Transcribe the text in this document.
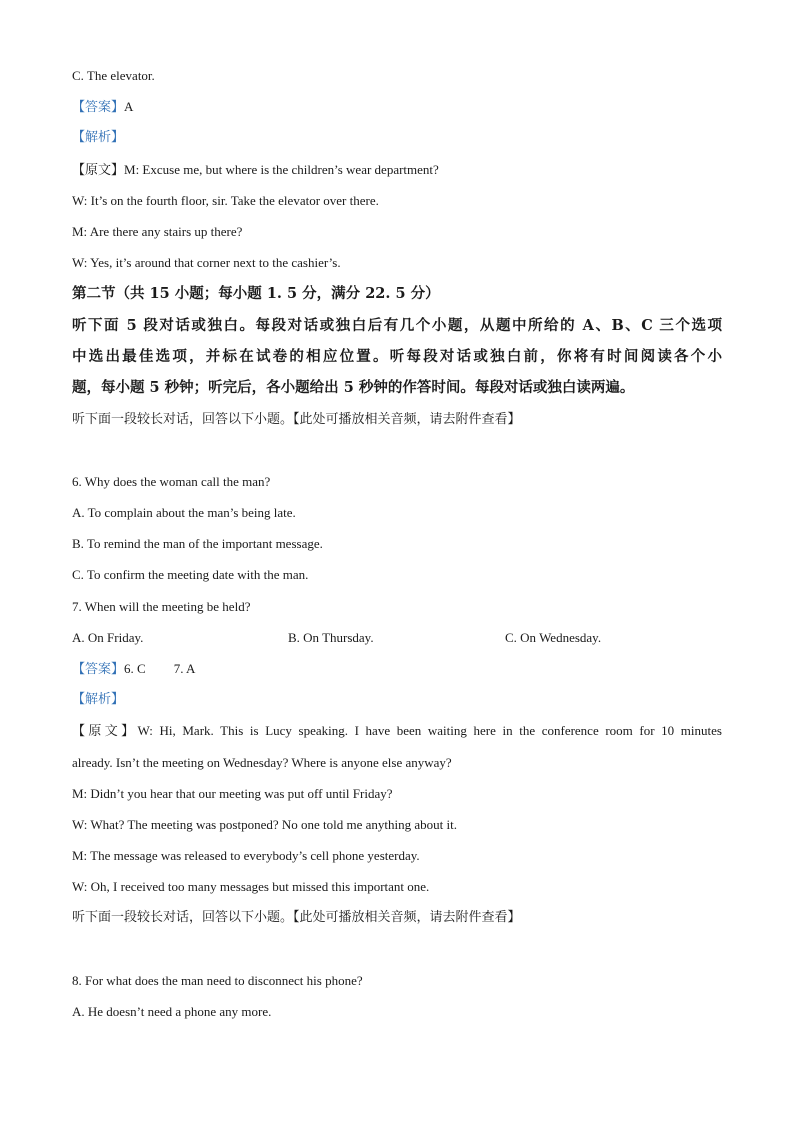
C. The elevator.
【答案】A
【解析】
【原文】M: Excuse me, but where is the children’s wear department?
W: It’s on the fourth floor, sir. Take the elevator over there.
M: Are there any stairs up there?
W: Yes, it’s around that corner next to the cashier’s.
第二节（共 15 小题；每小题 1. 5 分，满分 22. 5 分）
听下面 5 段对话或独白。每段对话或独白后有几个小题，从题中所给的 A、B、C 三个选项
中选出最佳选项，并标在试卷的相应位置。听每段对话或独白前，你将有时间阅读各个小
题，每小题 5 秒钟；听完后，各小题给出 5 秒钟的作答时间。每段对话或独白读两遍。
听下面一段较长对话，回答以下小题。【此处可播放相关音频，请去附件查看】
6. Why does the woman call the man?
A. To complain about the man’s being late.
B. To remind the man of the important message.
C. To confirm the meeting date with the man.
7. When will the meeting be held?
A. On Friday.	B. On Thursday.	C. On Wednesday.
【答案】6. C 7. A
【解析】
【原文】W: Hi, Mark. This is Lucy speaking. I have been waiting here in the conference room for 10 minutes
already. Isn’t the meeting on Wednesday? Where is anyone else anyway?
M: Didn’t you hear that our meeting was put off until Friday?
W: What? The meeting was postponed? No one told me anything about it.
M: The message was released to everybody’s cell phone yesterday.
W: Oh, I received too many messages but missed this important one.
听下面一段较长对话，回答以下小题。【此处可播放相关音频，请去附件查看】
8. For what does the man need to disconnect his phone?
A. He doesn’t need a phone any more.
